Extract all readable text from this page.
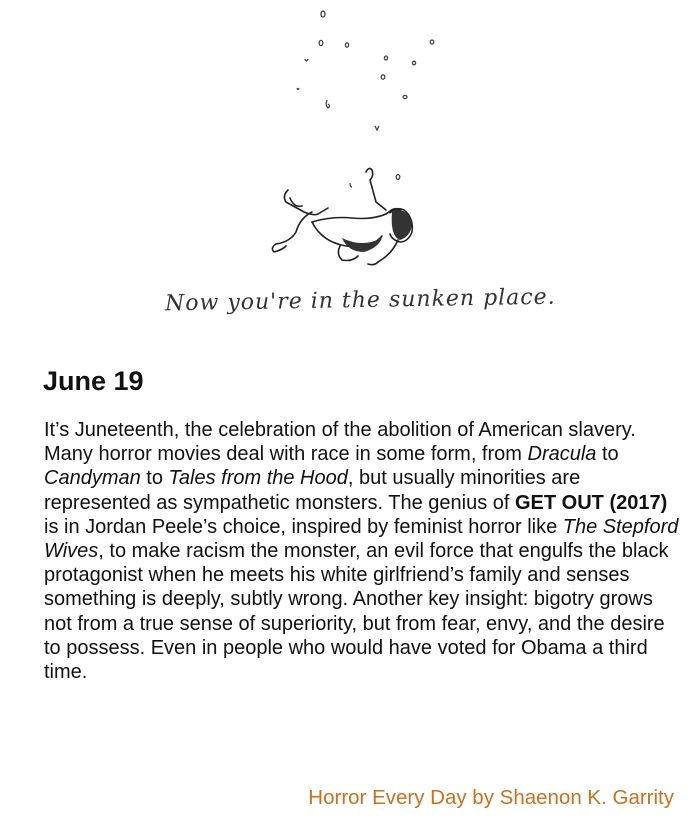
Now you're in the sunken place.
June 19
It’s Juneteenth, the celebration of the abolition of American slavery. Many horror movies deal with race in some form, from Dracula to Candyman to Tales from the Hood, but usually minorities are represented as sympathetic monsters. The genius of GET OUT (2017) is in Jordan Peele’s choice, inspired by feminist horror like The Stepford Wives, to make racism the monster, an evil force that engulfs the black protagonist when he meets his white girlfriend’s family and senses something is deeply, subtly wrong. Another key insight: bigotry grows not from a true sense of superiority, but from fear, envy, and the desire to possess. Even in people who would have voted for Obama a third time.
Horror Every Day by Shaenon K. Garrity
